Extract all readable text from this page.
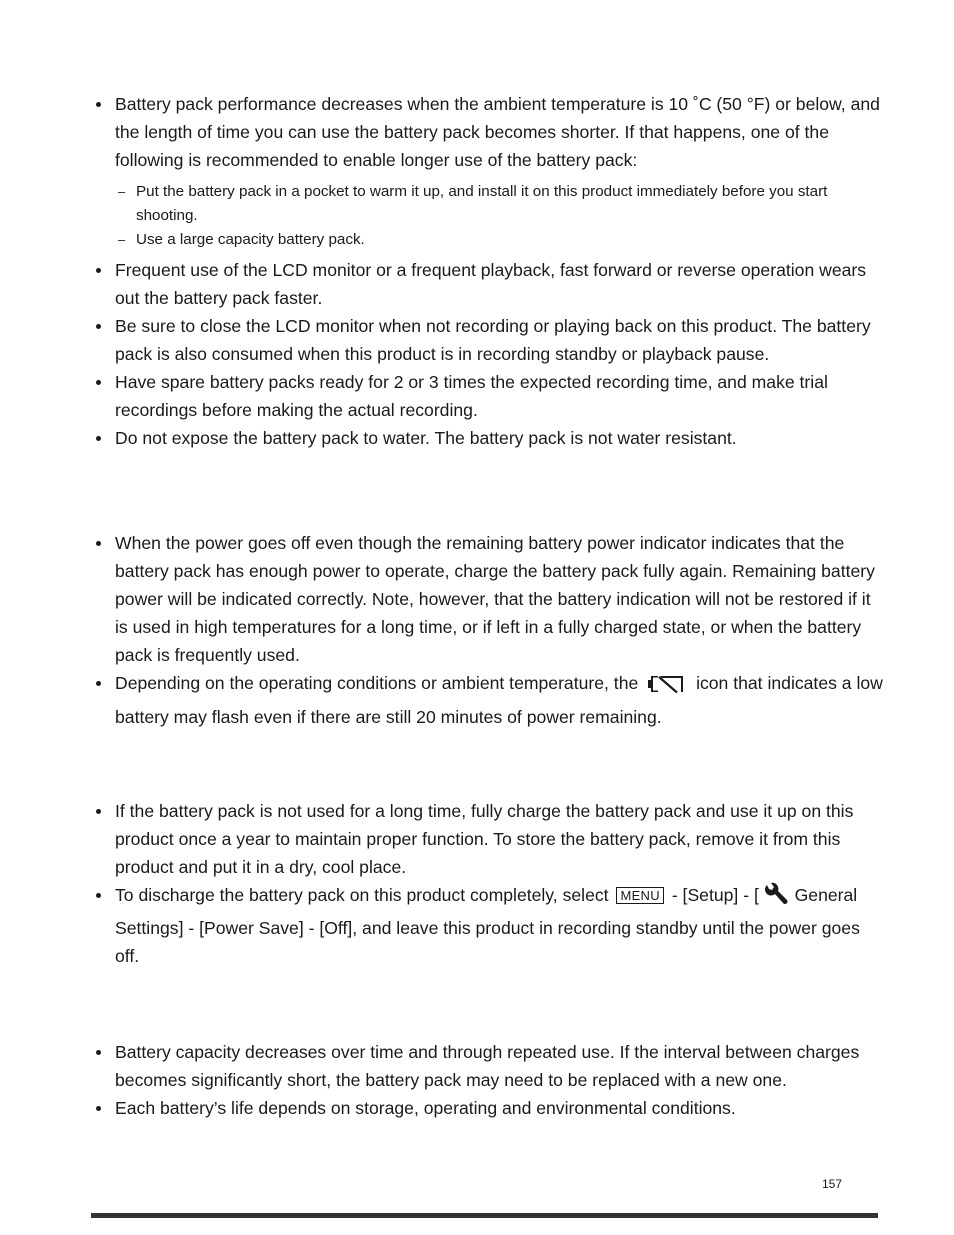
Battery pack performance decreases when the ambient temperature is 10 ˚C (50 °F) or below, and the length of time you can use the battery pack becomes shorter. If that happens, one of the following is recommended to enable longer use of the battery pack:
– Put the battery pack in a pocket to warm it up, and install it on this product immediately before you start shooting.
– Use a large capacity battery pack.
Frequent use of the LCD monitor or a frequent playback, fast forward or reverse operation wears out the battery pack faster.
Be sure to close the LCD monitor when not recording or playing back on this product. The battery pack is also consumed when this product is in recording standby or playback pause.
Have spare battery packs ready for 2 or 3 times the expected recording time, and make trial recordings before making the actual recording.
Do not expose the battery pack to water. The battery pack is not water resistant.
When the power goes off even though the remaining battery power indicator indicates that the battery pack has enough power to operate, charge the battery pack fully again. Remaining battery power will be indicated correctly. Note, however, that the battery indication will not be restored if it is used in high temperatures for a long time, or if left in a fully charged state, or when the battery pack is frequently used.
Depending on the operating conditions or ambient temperature, the	icon that indicates a low battery may flash even if there are still 20 minutes of power remaining.
If the battery pack is not used for a long time, fully charge the battery pack and use it up on this product once a year to maintain proper function. To store the battery pack, remove it from this product and put it in a dry, cool place.
To discharge the battery pack on this product completely, select MENU - [Setup] - [ General Settings] - [Power Save] - [Off], and leave this product in recording standby until the power goes off.
Battery capacity decreases over time and through repeated use. If the interval between charges becomes significantly short, the battery pack may need to be replaced with a new one.
Each battery’s life depends on storage, operating and environmental conditions.
157
